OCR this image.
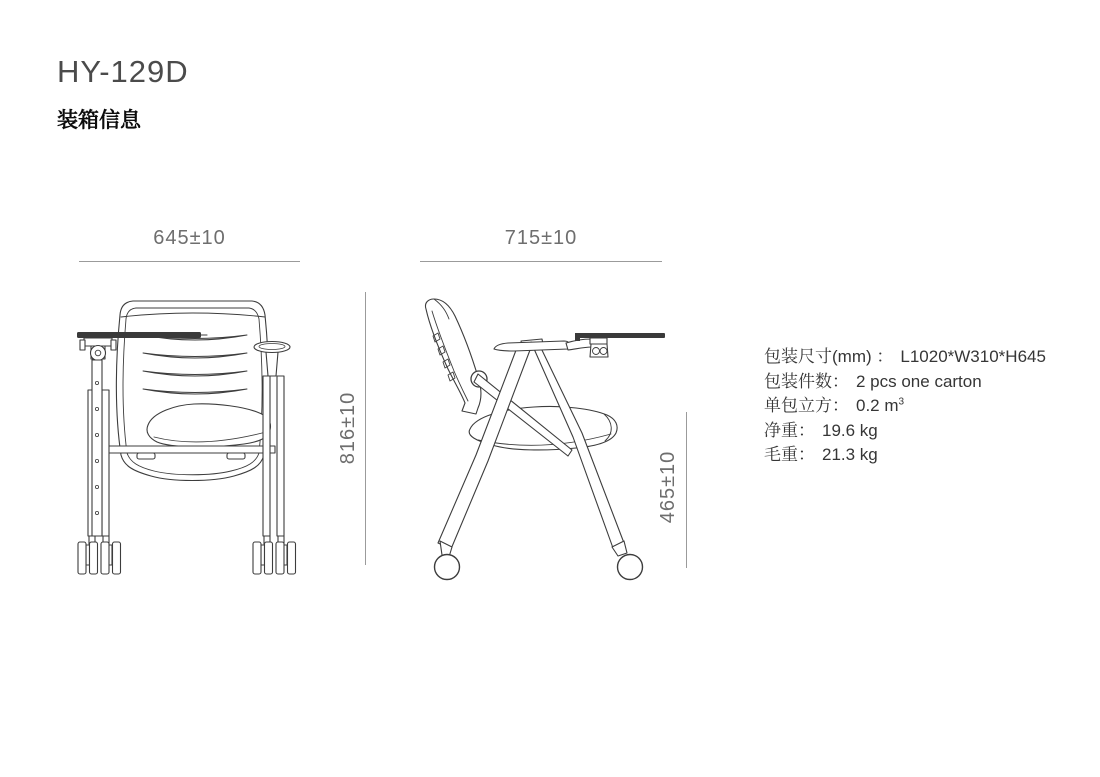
HY-129D
装箱信息
645±10	715±10
816±10
465±10
包装尺寸(mm) ： L1020*W310*H645
包装件数： 2 pcs one carton
单包立方： 0.2 $m^3$
净重： 19.6 kg
毛重： 21.3 kg
